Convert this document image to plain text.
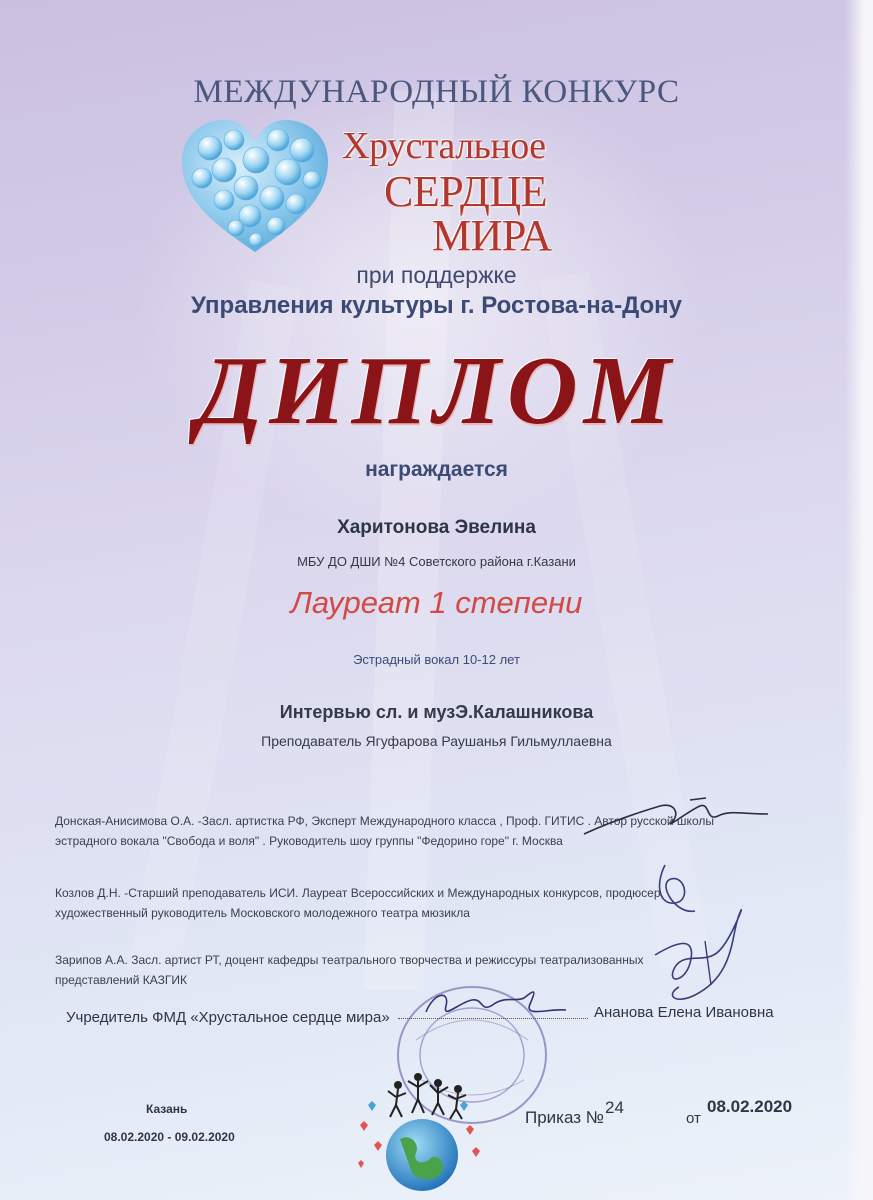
МЕЖДУНАРОДНЫЙ КОНКУРС
Хрустальное
СЕРДЦЕ
МИРА
при поддержке
Управления культуры г. Ростова-на-Дону
ДИПЛОМ
награждается
Харитонова Эвелина
МБУ ДО ДШИ №4 Советского района г.Казани
Лауреат 1 степени
Эстрадный вокал 10-12 лет
Интервью сл. и музЭ.Калашникова
Преподаватель Ягуфарова Раушанья Гильмуллаевна
Донская-Анисимова О.А. -Засл. артистка РФ, Эксперт Международного класса , Проф. ГИТИС . Автор русской школы
эстрадного вокала "Свобода и воля" . Руководитель шоу группы "Федорино горе" г. Москва
Козлов Д.Н. -Старший преподаватель ИСИ. Лауреат Всероссийских и Международных конкурсов, продюсер,
художественный руководитель Московского молодежного театра мюзикла
Зарипов А.А. Засл. артист РТ, доцент кафедры театрального творчества и режиссуры театрализованных
представлений КАЗГИК
Учредитель ФМД «Хрустальное сердце мира»	Ананова Елена Ивановна
Казань
08.02.2020 - 09.02.2020
Приказ №
24
от
08.02.2020
